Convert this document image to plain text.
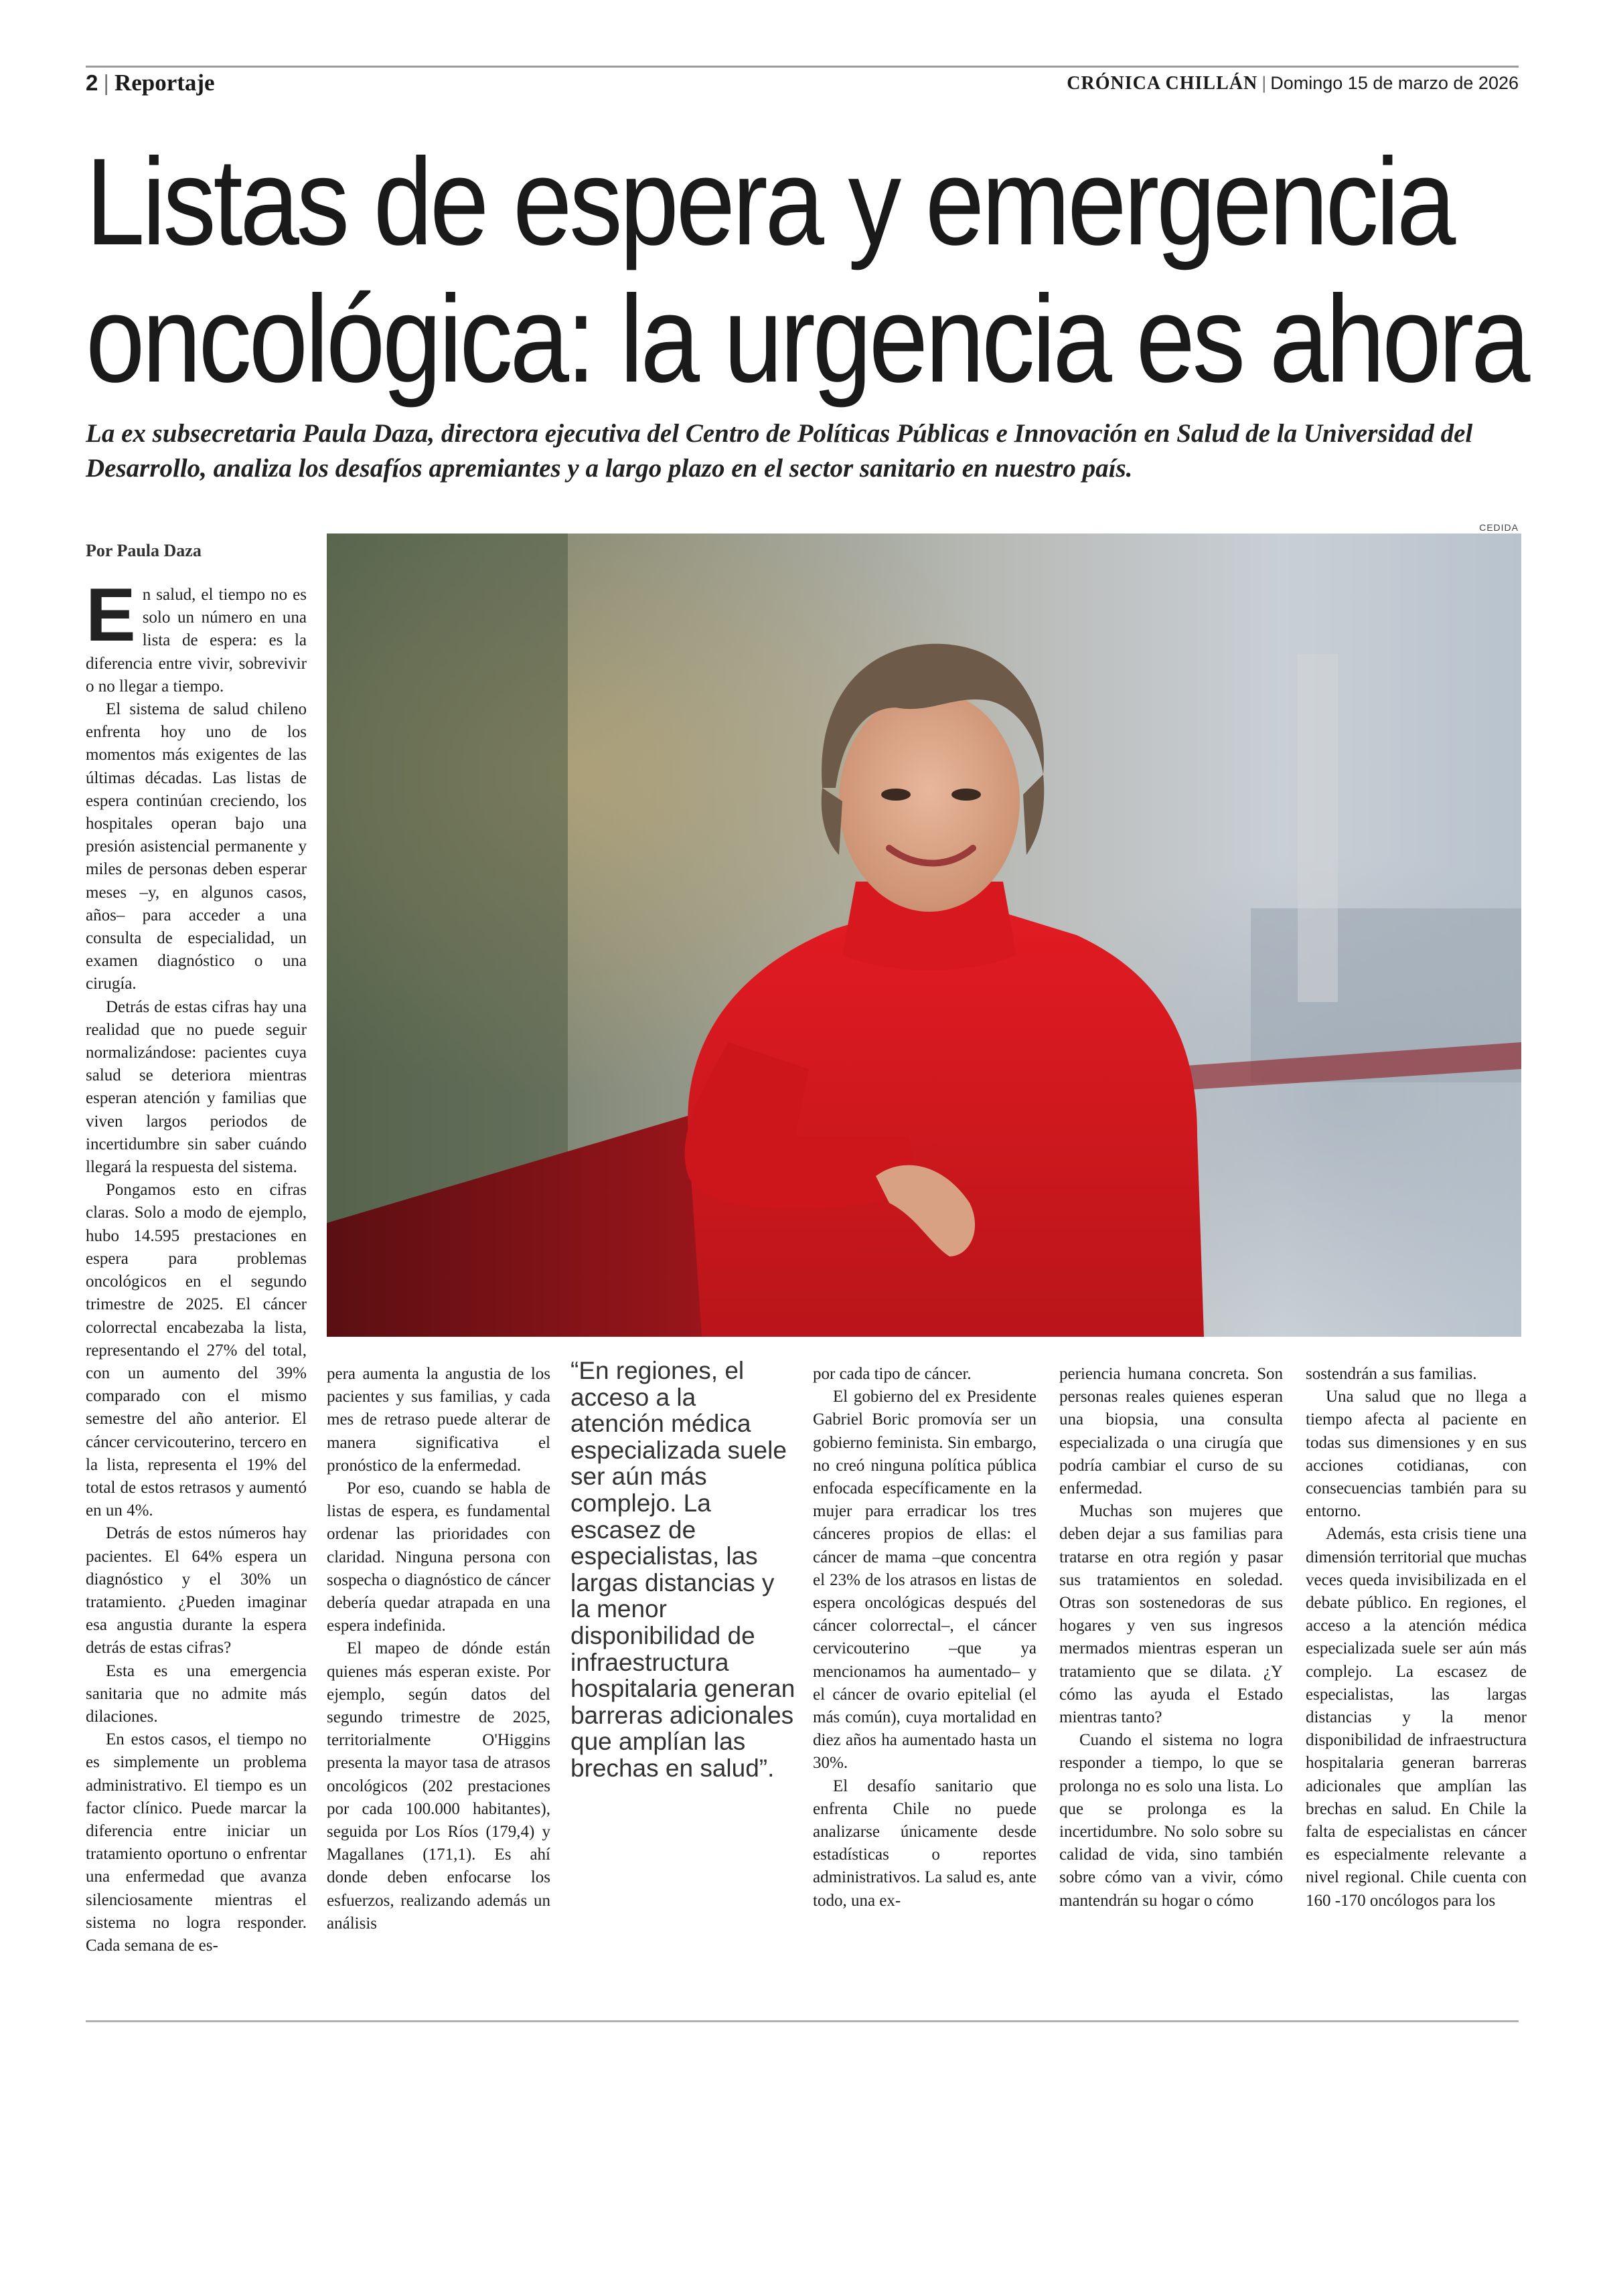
2 | Reportaje	CRÓNICA CHILLÁN | Domingo 15 de marzo de 2026
Listas de espera y emergencia
oncológica: la urgencia es ahora
La ex subsecretaria Paula Daza, directora ejecutiva del Centro de Políticas Públicas e Innovación en Salud de la Universidad del Desarrollo, analiza los desafíos apremiantes y a largo plazo en el sector sanitario en nuestro país.
CEDIDA
Por Paula Daza

En salud, el tiempo no es solo un número en una lista de espera: es la diferencia entre vivir, sobrevivir o no llegar a tiempo.

El sistema de salud chileno enfrenta hoy uno de los momentos más exigentes de las últimas décadas. Las listas de espera continúan creciendo, los hospitales operan bajo una presión asistencial permanente y miles de personas deben esperar meses –y, en algunos casos, años– para acceder a una consulta de especialidad, un examen diagnóstico o una cirugía.

Detrás de estas cifras hay una realidad que no puede seguir normalizándose: pacientes cuya salud se deteriora mientras esperan atención y familias que viven largos periodos de incertidumbre sin saber cuándo llegará la respuesta del sistema.

Pongamos esto en cifras claras. Solo a modo de ejemplo, hubo 14.595 prestaciones en espera para problemas oncológicos en el segundo trimestre de 2025. El cáncer colorrectal encabezaba la lista, representando el 27% del total, con un aumento del 39% comparado con el mismo semestre del año anterior. El cáncer cervicouterino, tercero en la lista, representa el 19% del total de estos retrasos y aumentó en un 4%.

Detrás de estos números hay pacientes. El 64% espera un diagnóstico y el 30% un tratamiento. ¿Pueden imaginar esa angustia durante la espera detrás de estas cifras?

Esta es una emergencia sanitaria que no admite más dilaciones.

En estos casos, el tiempo no es simplemente un problema administrativo. El tiempo es un factor clínico. Puede marcar la diferencia entre iniciar un tratamiento oportuno o enfrentar una enfermedad que avanza silenciosamente mientras el sistema no logra responder. Cada semana de es-

pera aumenta la angustia de los pacientes y sus familias, y cada mes de retraso puede alterar de manera significativa el pronóstico de la enfermedad.

Por eso, cuando se habla de listas de espera, es fundamental ordenar las prioridades con claridad. Ninguna persona con sospecha o diagnóstico de cáncer debería quedar atrapada en una espera indefinida.

El mapeo de dónde están quienes más esperan existe. Por ejemplo, según datos del segundo trimestre de 2025, territorialmente O'Higgins presenta la mayor tasa de atrasos oncológicos (202 prestaciones por cada 100.000 habitantes), seguida por Los Ríos (179,4) y Magallanes (171,1). Es ahí donde deben enfocarse los esfuerzos, realizando además un análisis

“En regiones, el acceso a la atención médica especializada suele ser aún más complejo. La escasez de especialistas, las largas distancias y la menor disponibilidad de infraestructura hospitalaria generan barreras adicionales que amplían las brechas en salud”.

por cada tipo de cáncer.

El gobierno del ex Presidente Gabriel Boric promovía ser un gobierno feminista. Sin embargo, no creó ninguna política pública enfocada específicamente en la mujer para erradicar los tres cánceres propios de ellas: el cáncer de mama –que concentra el 23% de los atrasos en listas de espera oncológicas después del cáncer colorrectal–, el cáncer cervicouterino –que ya mencionamos ha aumentado– y el cáncer de ovario epitelial (el más común), cuya mortalidad en diez años ha aumentado hasta un 30%.

El desafío sanitario que enfrenta Chile no puede analizarse únicamente desde estadísticas o reportes administrativos. La salud es, ante todo, una ex-

periencia humana concreta. Son personas reales quienes esperan una biopsia, una consulta especializada o una cirugía que podría cambiar el curso de su enfermedad.

Muchas son mujeres que deben dejar a sus familias para tratarse en otra región y pasar sus tratamientos en soledad. Otras son sostenedoras de sus hogares y ven sus ingresos mermados mientras esperan un tratamiento que se dilata. ¿Y cómo las ayuda el Estado mientras tanto?

Cuando el sistema no logra responder a tiempo, lo que se prolonga no es solo una lista. Lo que se prolonga es la incertidumbre. No solo sobre su calidad de vida, sino también sobre cómo van a vivir, cómo mantendrán su hogar o cómo

sostendrán a sus familias.

Una salud que no llega a tiempo afecta al paciente en todas sus dimensiones y en sus acciones cotidianas, con consecuencias también para su entorno.

Además, esta crisis tiene una dimensión territorial que muchas veces queda invisibilizada en el debate público. En regiones, el acceso a la atención médica especializada suele ser aún más complejo. La escasez de especialistas, las largas distancias y la menor disponibilidad de infraestructura hospitalaria generan barreras adicionales que amplían las brechas en salud. En Chile la falta de especialistas en cáncer es especialmente relevante a nivel regional. Chile cuenta con 160 -170 oncólogos para los
